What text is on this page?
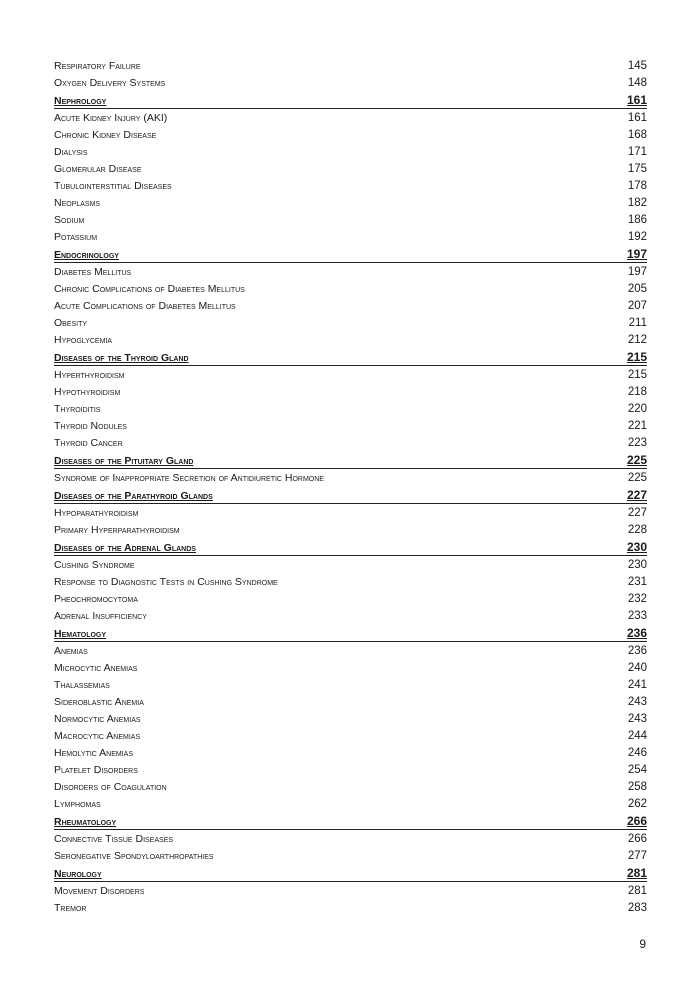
Respiratory Failure	145
Oxygen Delivery Systems	148
Nephrology	161
Acute Kidney Injury (AKI)	161
Chronic Kidney Disease	168
Dialysis	171
Glomerular Disease	175
Tubulointerstitial Diseases	178
Neoplasms	182
Sodium	186
Potassium	192
Endocrinology	197
Diabetes Mellitus	197
Chronic Complications of Diabetes Mellitus	205
Acute Complications of Diabetes Mellitus	207
Obesity	211
Hypoglycemia	212
Diseases of the Thyroid Gland	215
Hyperthyroidism	215
Hypothyroidism	218
Thyroiditis	220
Thyroid Nodules	221
Thyroid Cancer	223
Diseases of the Pituitary Gland	225
Syndrome of Inappropriate Secretion of Antidiuretic Hormone	225
Diseases of the Parathyroid Glands	227
Hypoparathyroidism	227
Primary Hyperparathyroidism	228
Diseases of the Adrenal Glands	230
Cushing Syndrome	230
Response to Diagnostic Tests in Cushing Syndrome	231
Pheochromocytoma	232
Adrenal Insufficiency	233
Hematology	236
Anemias	236
Microcytic Anemias	240
Thalassemias	241
Sideroblastic Anemia	243
Normocytic Anemias	243
Macrocytic Anemias	244
Hemolytic Anemias	246
Platelet Disorders	254
Disorders of Coagulation	258
Lymphomas	262
Rheumatology	266
Connective Tissue Diseases	266
Seronegative Spondyloarthropathies	277
Neurology	281
Movement Disorders	281
Tremor	283
9
